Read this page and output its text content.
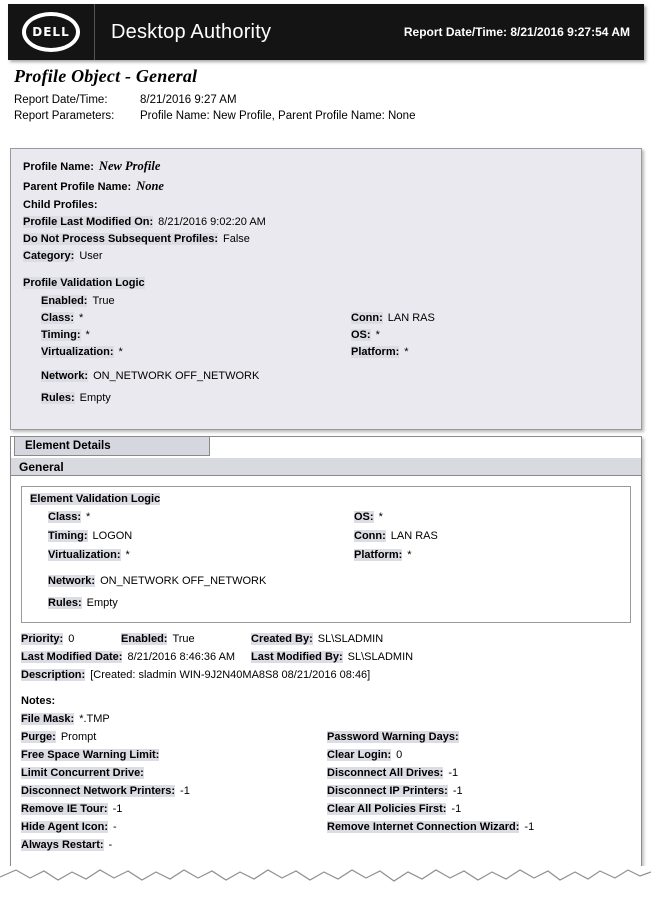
DELL	Desktop Authority	Report Date/Time: 8/21/2016 9:27:54 AM
Profile Object - General
Report Date/Time:	8/21/2016 9:27 AM
Report Parameters: Profile Name: New Profile, Parent Profile Name: None
Profile Name: New Profile
Parent Profile Name: None
Child Profiles:
Profile Last Modified On: 8/21/2016 9:02:20 AM
Do Not Process Subsequent Profiles: False
Category: User
Profile Validation Logic
Enabled: True
Class: *	Conn: LAN RAS
Timing: *	OS: *
Virtualization: *	Platform: *
Network: ON_NETWORK OFF_NETWORK
Rules: Empty
Element Details
General
Element Validation Logic
Class: *	OS: *
Timing: LOGON	Conn: LAN RAS
Virtualization: *	Platform: *
Network: ON_NETWORK OFF_NETWORK
Rules: Empty
Priority: 0	Enabled: True	Created By: SL\SLADMIN
Last Modified Date: 8/21/2016 8:46:36 AM Last Modified By: SL\SLADMIN
Description: [Created: sladmin WIN-9J2N40MA8S8 08/21/2016 08:46]
Notes:
File Mask: *.TMP
Purge: Prompt	Password Warning Days:
Free Space Warning Limit:	Clear Login: 0
Limit Concurrent Drive:	Disconnect All Drives: -1
Disconnect Network Printers: -1	Disconnect IP Printers: -1
Remove IE Tour: -1	Clear All Policies First: -1
Hide Agent Icon: -	Remove Internet Connection Wizard: -1
Always Restart: -
